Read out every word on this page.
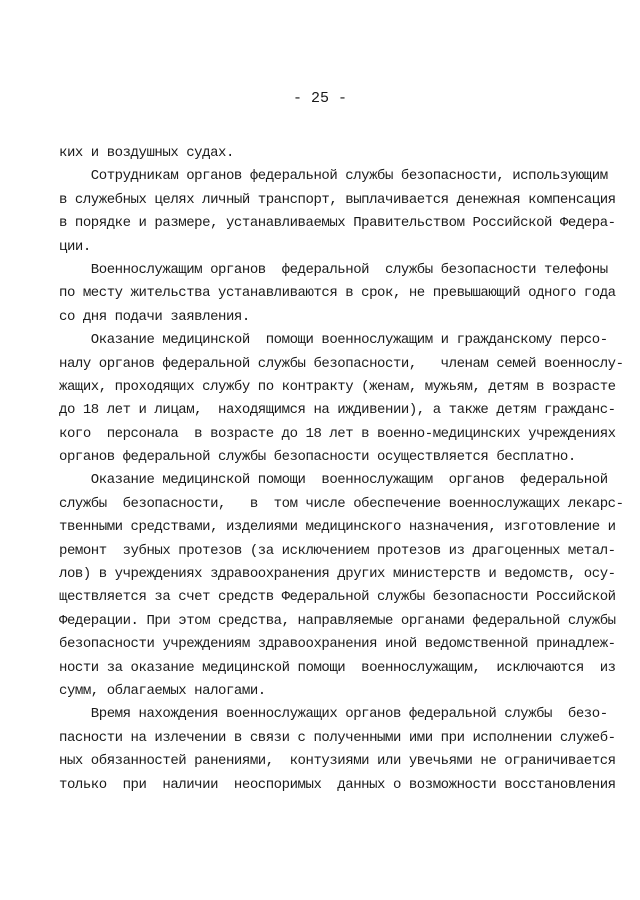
- 25 -
ких и воздушных судах.
Сотрудникам органов федеральной службы безопасности, использующим
в служебных целях личный транспорт, выплачивается денежная компенсация
в порядке и размере, устанавливаемых Правительством Российской Федера-
ции.
Военнослужащим органов  федеральной  службы безопасности телефоны
по месту жительства устанавливаются в срок, не превышающий одного года
со дня подачи заявления.
Оказание медицинской  помощи военнослужащим и гражданскому персо-
налу органов федеральной службы безопасности,   членам семей военнослу-
жащих, проходящих службу по контракту (женам, мужьям, детям в возрасте
до 18 лет и лицам,  находящимся на иждивении), а также детям граждaнс-
кого  персонала  в возрасте до 18 лет в военно-медицинских учреждениях
органов федеральной службы безопасности осуществляется бесплатно.
Оказание медицинской помощи  военнослужащим  органов  федеральной
службы  безопасности,   в  том числе обеспечение военнослужащих лекарс-
твенными средствами, изделиями медицинского назначения, изготовление и
ремонт  зубных протезов (за исключением протезов из драгоценных метал-
лов) в учреждениях здравоохранения других министерств и ведомств, осу-
ществляется за счет средств Федеральной службы безопасности Российской
Федерации. При этом средства, направляемые органами федеральной службы
безопасности учреждениям здравоохранения иной ведомственной принадлеж-
ности за оказание медицинской помощи  военнослужащим,  исключаются  из
сумм, облагаемых налогами.
Время нахождения военнослужащих органов федеральной службы  безо-
пасности на излечении в связи с полученными ими при исполнении служеб-
ных обязанностей ранениями,  контузиями или увечьями не ограничивается
только  при  наличии  неоспоримых  данных о возможности восстановления
